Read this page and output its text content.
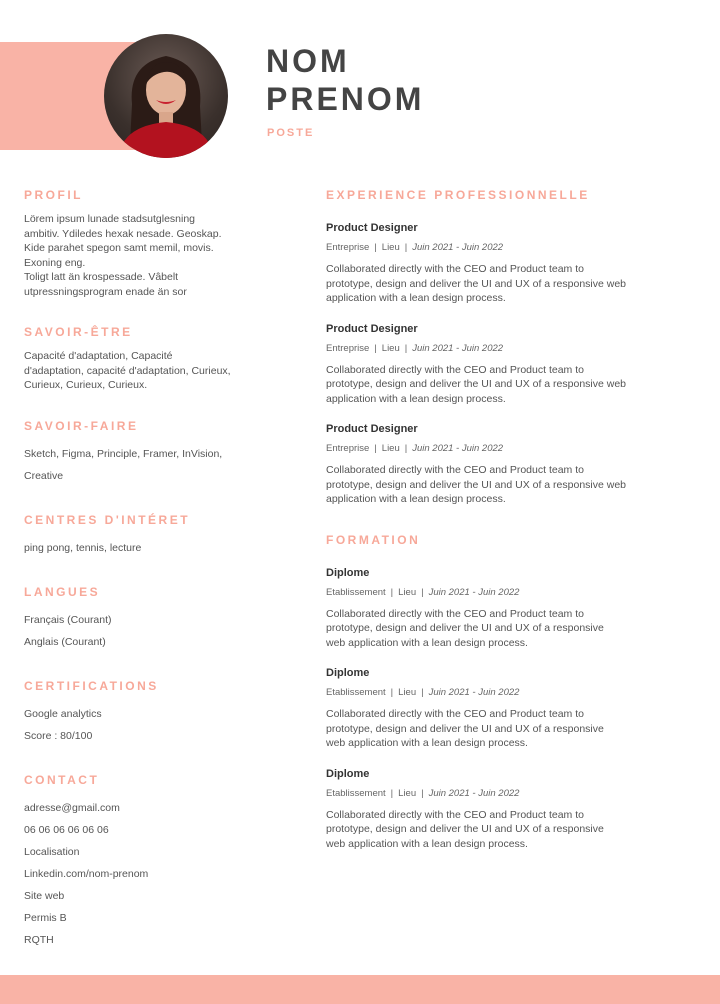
NOM
PRENOM
POSTE
PROFIL
Lörem ipsum lunade stadsutglesning
ambitiv. Ydiledes hexak nesade. Geoskap.
Kide parahet spegon samt memil, movis.
Exoning eng.
Toligt latt än krospessade. Vâbelt
utpressningsprogram enade än sor
SAVOIR-ÊTRE
Capacité d'adaptation, Capacité
d'adaptation, capacité d'adaptation, Curieux,
Curieux, Curieux, Curieux.
SAVOIR-FAIRE
Sketch, Figma, Principle, Framer, InVision,
Creative
CENTRES D'INTÉRET
ping pong, tennis, lecture
LANGUES
Français (Courant)
Anglais (Courant)
CERTIFICATIONS
Google analytics
Score : 80/100
CONTACT
adresse@gmail.com
06 06 06 06 06 06
Localisation
Linkedin.com/nom-prenom
Site web
Permis B
RQTH
EXPERIENCE PROFESSIONNELLE

Product Designer

Entreprise | Lieu | Juin 2021 - Juin 2022

Collaborated directly with the CEO and Product team to
prototype, design and deliver the UI and UX of a responsive web
application with a lean design process.

Product Designer

Entreprise | Lieu | Juin 2021 - Juin 2022

Collaborated directly with the CEO and Product team to
prototype, design and deliver the UI and UX of a responsive web
application with a lean design process.

Product Designer

Entreprise | Lieu | Juin 2021 - Juin 2022

Collaborated directly with the CEO and Product team to
prototype, design and deliver the UI and UX of a responsive web
application with a lean design process.
FORMATION

Diplome

Etablissement | Lieu | Juin 2021 - Juin 2022

Collaborated directly with the CEO and Product team to
prototype, design and deliver the UI and UX of a responsive
web application with a lean design process.

Diplome

Etablissement | Lieu | Juin 2021 - Juin 2022

Collaborated directly with the CEO and Product team to
prototype, design and deliver the UI and UX of a responsive
web application with a lean design process.

Diplome

Etablissement | Lieu | Juin 2021 - Juin 2022

Collaborated directly with the CEO and Product team to
prototype, design and deliver the UI and UX of a responsive
web application with a lean design process.
